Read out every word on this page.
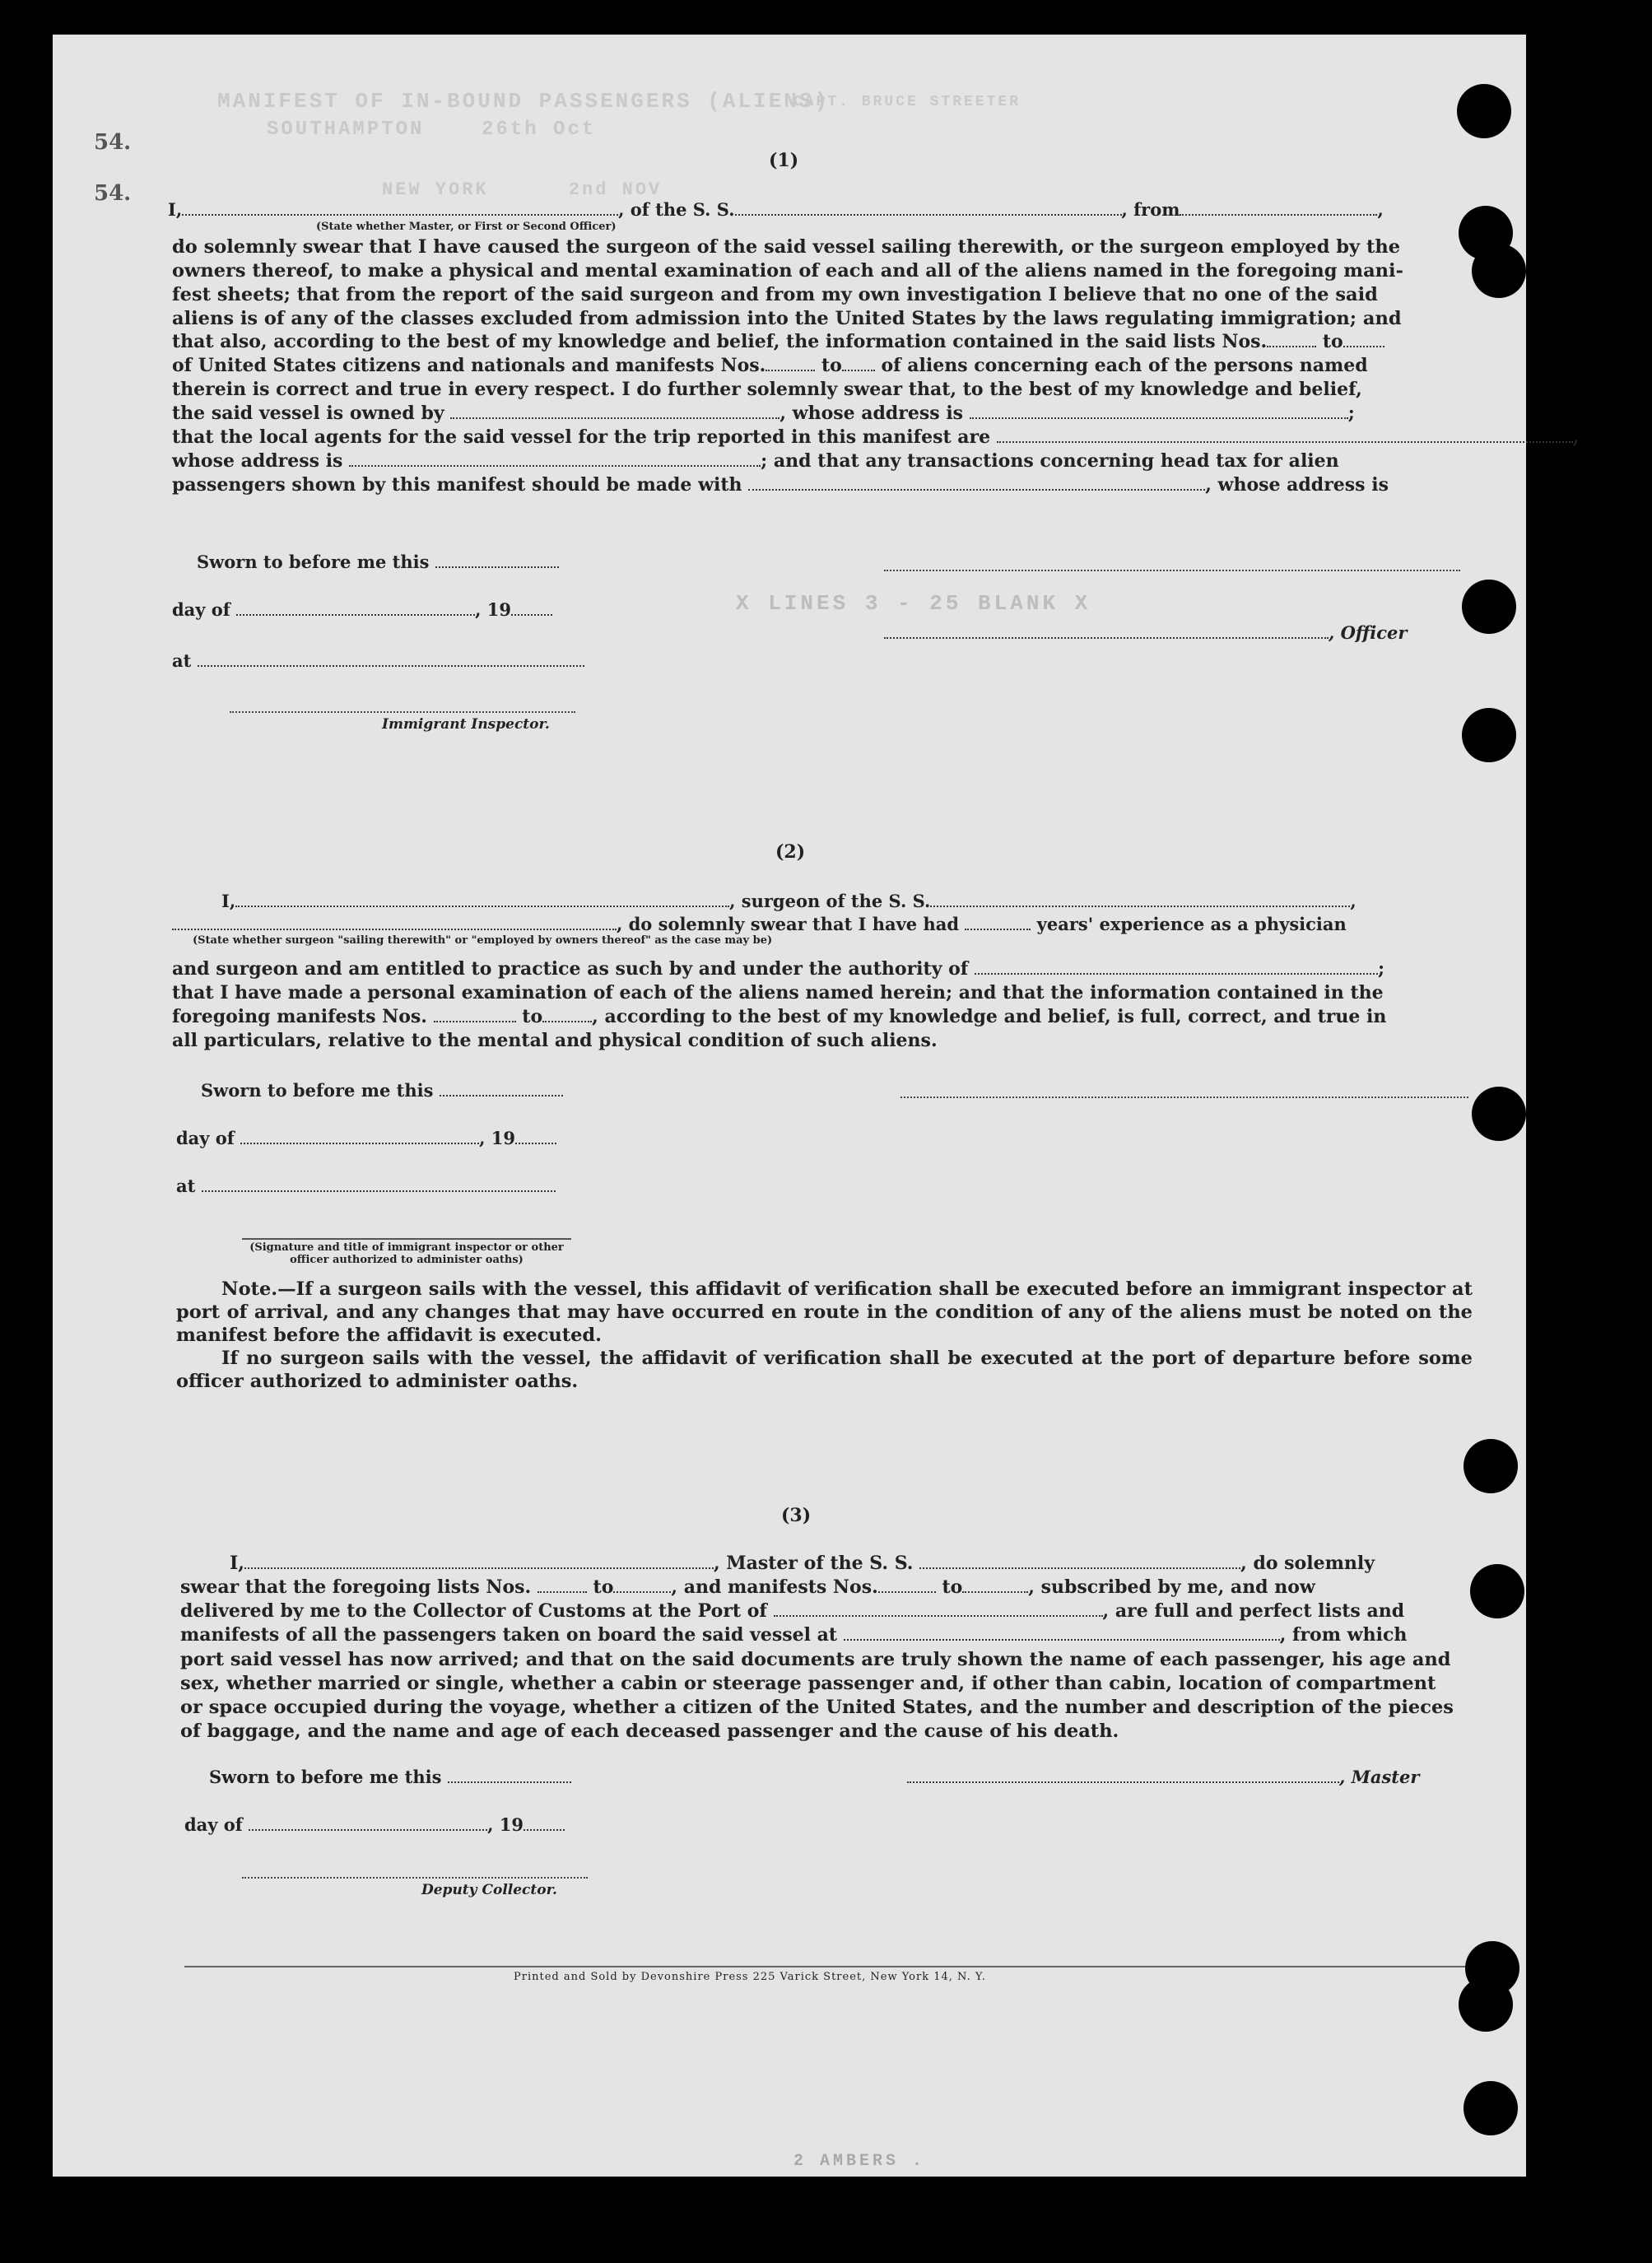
MANIFEST OF IN-BOUND PASSENGERS (ALIENS)
CAPT. BRUCE STREETER
SOUTHAMPTON    26th Oct
NEW YORK      2nd NOV
54.
54.
(1)
I,	, of the S. S.	, from	,
(State whether Master, or First or Second Officer)
do solemnly swear that I have caused the surgeon of the said vessel sailing therewith, or the surgeon employed by the
owners thereof, to make a physical and mental examination of each and all of the aliens named in the foregoing mani-
fest sheets; that from the report of the said surgeon and from my own investigation I believe that no one of the said
aliens is of any of the classes excluded from admission into the United States by the laws regulating immigration; and
that also, according to the best of my knowledge and belief, the information contained in the said lists Nos.	to
of United States citizens and nationals and manifests Nos.	to of aliens concerning each of the persons named
therein is correct and true in every respect. I do further solemnly swear that, to the best of my knowledge and belief,
the said vessel is owned by	, whose address is	;
that the local agents for the said vessel for the trip reported in this manifest are	,
whose address is	; and that any transactions concerning head tax for alien
passengers shown by this manifest should be made with	, whose address is
Sworn to before me this
day of	, 19	X LINES 3 - 25 BLANK X
, Officer
at
Immigrant Inspector.
(2)
I,	, surgeon of the S. S.	,
, do solemnly swear that I have had	years' experience as a physician
(State whether surgeon "sailing therewith" or "employed by owners thereof" as the case may be)
and surgeon and am entitled to practice as such by and under the authority of	;
that I have made a personal examination of each of the aliens named herein; and that the information contained in the
foregoing manifests Nos.	to	, according to the best of my knowledge and belief, is full, correct, and true in
all particulars, relative to the mental and physical condition of such aliens.
Sworn to before me this
day of	, 19
at
(Signature and title of immigrant inspector or other officer authorized to administer oaths)
Note.—If a surgeon sails with the vessel, this affidavit of verification shall be executed before an immigrant inspector at port of arrival, and any changes that may have occurred en route in the condition of any of the aliens must be noted on the manifest before the affidavit is executed.
If no surgeon sails with the vessel, the affidavit of verification shall be executed at the port of departure before some officer authorized to administer oaths.
(3)
I,	, Master of the S. S.	, do solemnly
swear that the foregoing lists Nos.	to	, and manifests Nos.	to	, subscribed by me, and now
delivered by me to the Collector of Customs at the Port of	, are full and perfect lists and
manifests of all the passengers taken on board the said vessel at	, from which
port said vessel has now arrived; and that on the said documents are truly shown the name of each passenger, his age and
sex, whether married or single, whether a cabin or steerage passenger and, if other than cabin, location of compartment
or space occupied during the voyage, whether a citizen of the United States, and the number and description of the pieces
of baggage, and the name and age of each deceased passenger and the cause of his death.
Sworn to before me this	, Master
day of	, 19
Deputy Collector.
Printed and Sold by Devonshire Press 225 Varick Street, New York 14, N. Y.
2 AMBERS .
